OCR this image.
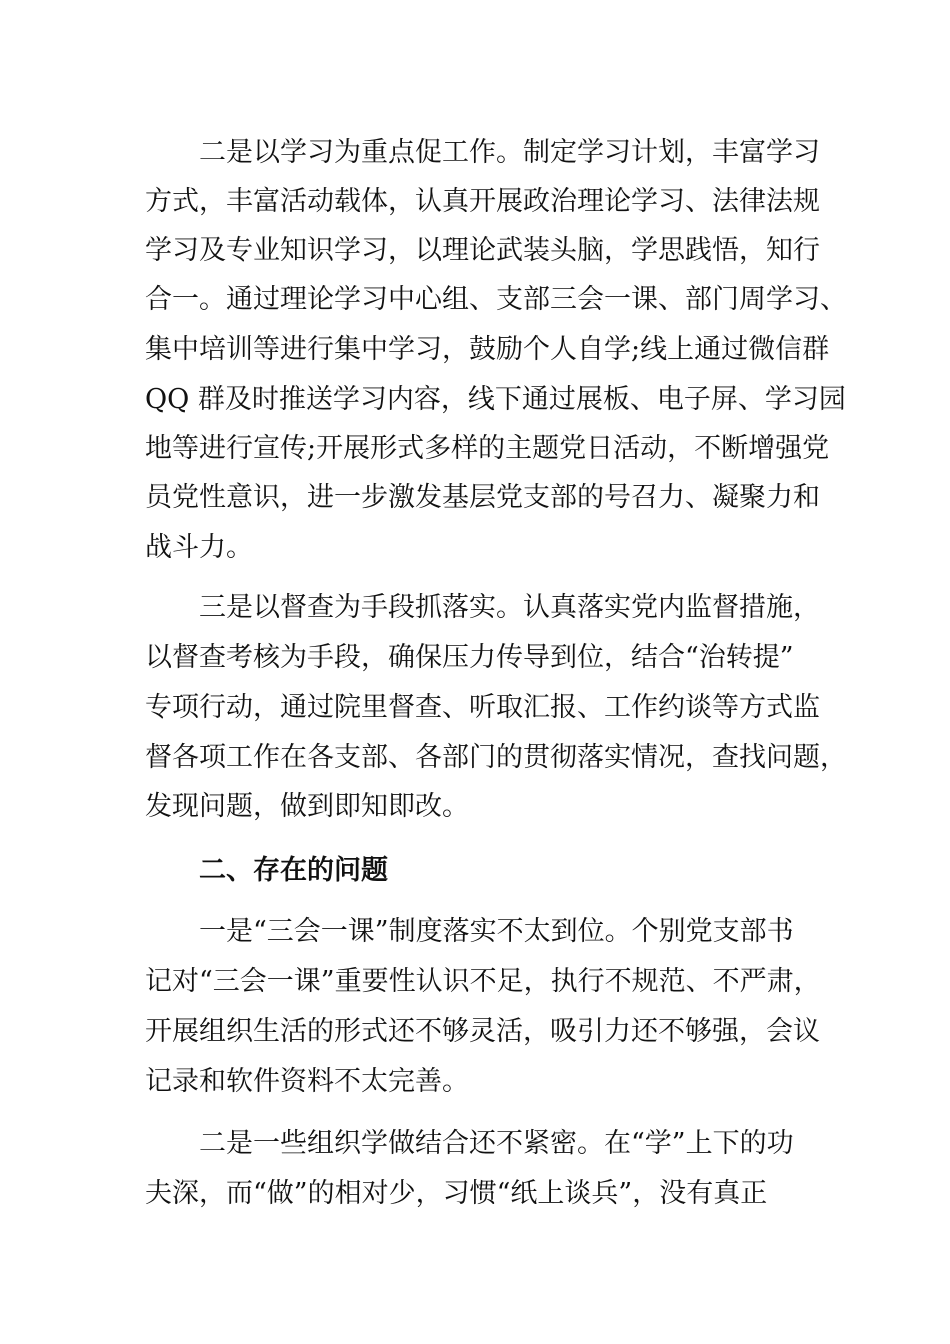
二是以学习为重点促工作。制定学习计划，丰富学习
方式，丰富活动载体，认真开展政治理论学习、法律法规
学习及专业知识学习，以理论武装头脑，学思践悟，知行
合一。通过理论学习中心组、支部三会一课、部门周学习、
集中培训等进行集中学习，鼓励个人自学;线上通过微信群
QQ 群及时推送学习内容，线下通过展板、电子屏、学习园
地等进行宣传;开展形式多样的主题党日活动，不断增强党
员党性意识，进一步激发基层党支部的号召力、凝聚力和
战斗力。
三是以督查为手段抓落实。认真落实党内监督措施，
以督查考核为手段，确保压力传导到位，结合“治转提”
专项行动，通过院里督查、听取汇报、工作约谈等方式监
督各项工作在各支部、各部门的贯彻落实情况，查找问题，
发现问题，做到即知即改。
二、存在的问题
一是“三会一课”制度落实不太到位。个别党支部书
记对“三会一课”重要性认识不足，执行不规范、不严肃，
开展组织生活的形式还不够灵活，吸引力还不够强，会议
记录和软件资料不太完善。
二是一些组织学做结合还不紧密。在“学”上下的功
夫深，而“做”的相对少，习惯“纸上谈兵”，没有真正
